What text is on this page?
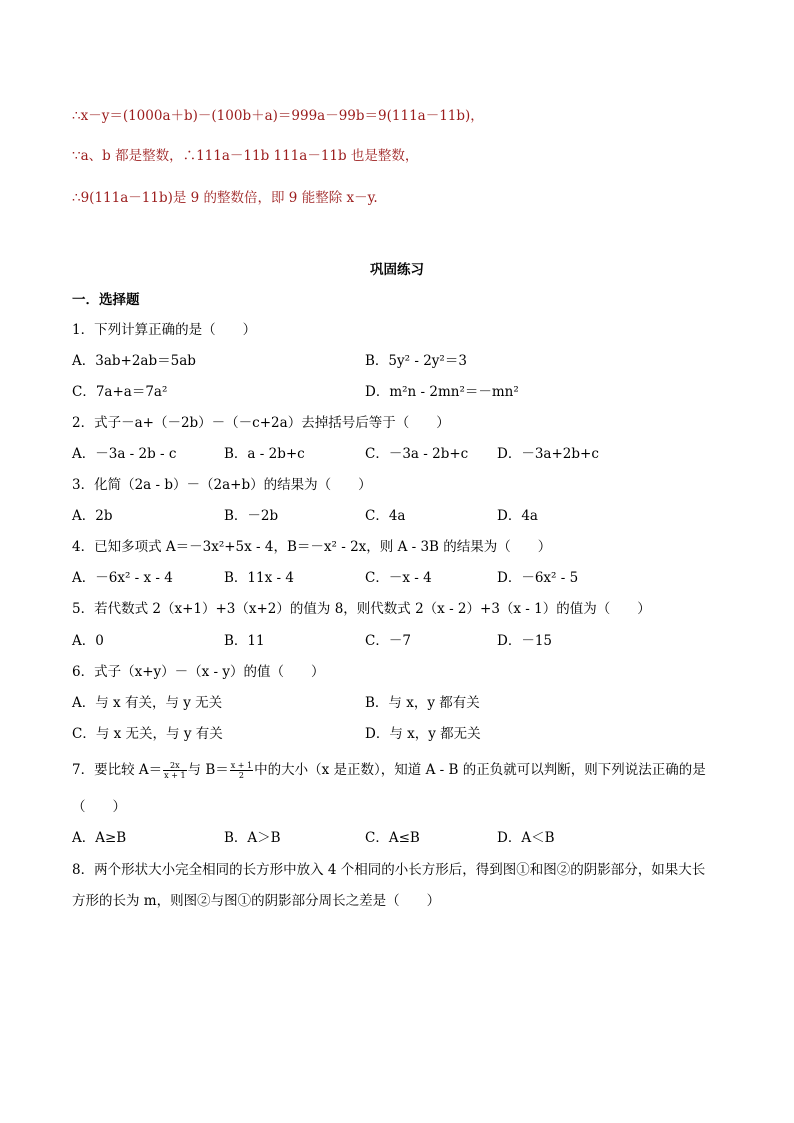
∴x－y＝(1000a＋b)－(100b＋a)＝999a－99b＝9(111a－11b)，
∵a、b 都是整数，∴111a－11b 111a－11b 也是整数，
∴9(111a－11b)是 9 的整数倍，即 9 能整除 x－y.
巩固练习
一．选择题
1．下列计算正确的是（　　）
A．3ab+2ab＝5ab	B．5y² - 2y²＝3
C．7a+a＝7a²	D．m²n - 2mn²＝－mn²
2．式子－a+（－2b）－（－c+2a）去掉括号后等于（　　）
A．－3a - 2b - c	B．a - 2b+c	C．－3a - 2b+c D．－3a+2b+c
3．化简（2a - b）－（2a+b）的结果为（　　）
A．2b	B．－2b	C．4a	D．4a
4．已知多项式 A＝－3x²+5x - 4，B＝－x² - 2x，则 A - 3B 的结果为（　　）
A．－6x² - x - 4	B．11x - 4	C．－x - 4	D．－6x² - 5
5．若代数式 2（x+1）+3（x+2）的值为 8，则代数式 2（x - 2）+3（x - 1）的值为（　　）
A．0	B．11	C．－7	D．－15
6．式子（x+y）－（x - y）的值（　　）
A．与 x 有关，与 y 无关	B．与 x，y 都有关
C．与 x 无关，与 y 有关	D．与 x，y 都无关
7．要比较 $A= \frac{2x}{x + 1}$ 与 $B= \frac{x + 1}{2}$ 中的大小（x 是正数），知道 A - B 的正负就可以判断，则下列说法正确的是
（　　）
A．A≥B	B．A＞B	C．A≤B	D．A＜B
8．两个形状大小完全相同的长方形中放入 4 个相同的小长方形后，得到图①和图②的阴影部分，如果大长
方形的长为 m，则图②与图①的阴影部分周长之差是（　　）
